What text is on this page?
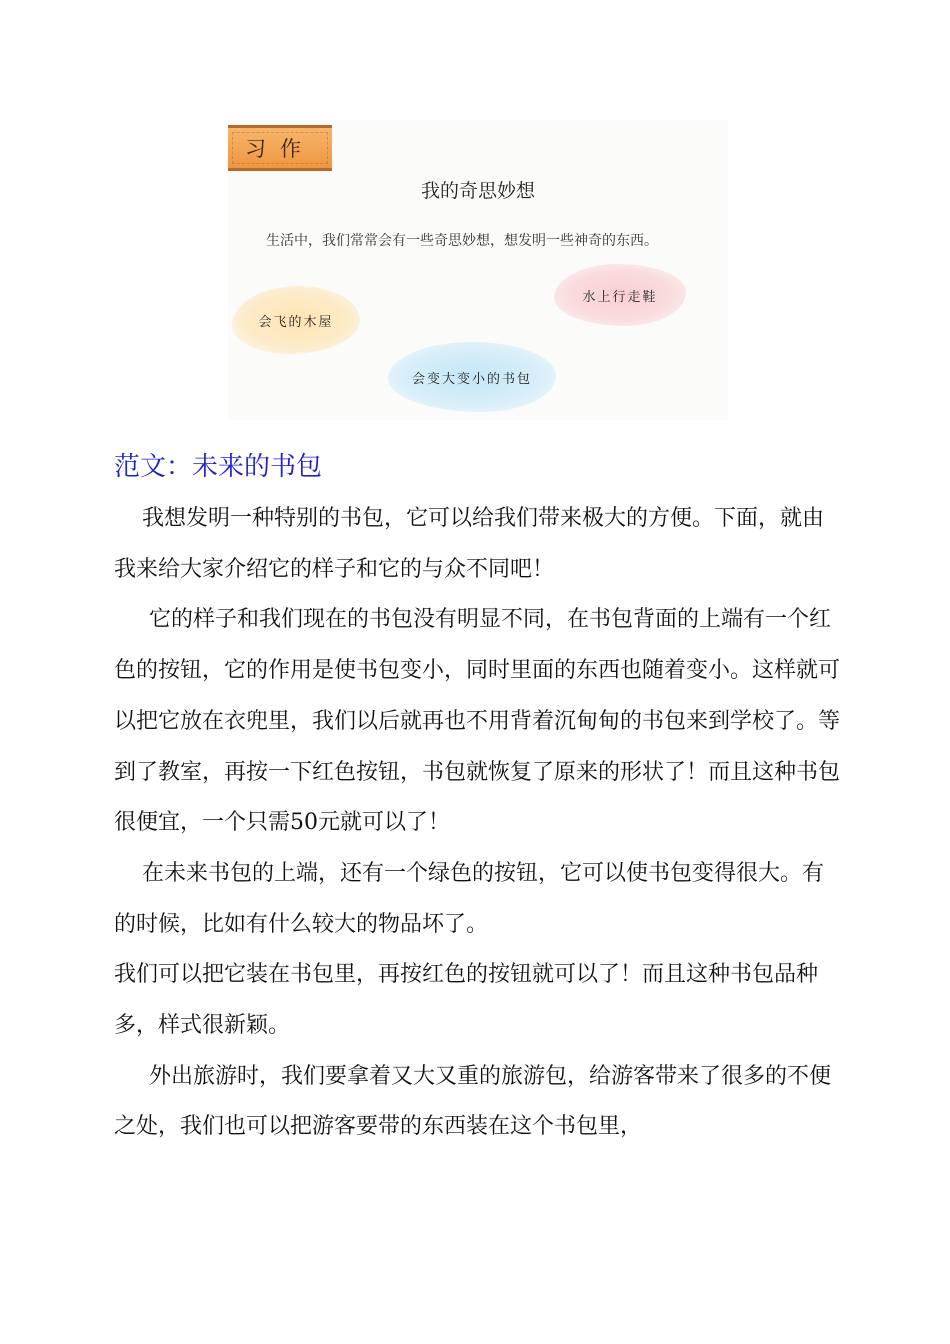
习作
我的奇思妙想
生活中，我们常常会有一些奇思妙想，想发明一些神奇的东西。
会飞的木屋
水上行走鞋
会变大变小的书包
范文：未来的书包

我想发明一种特别的书包，它可以给我们带来极大的方便。下面，就由我来给大家介绍它的样子和它的与众不同吧！

它的样子和我们现在的书包没有明显不同，在书包背面的上端有一个红色的按钮，它的作用是使书包变小，同时里面的东西也随着变小。这样就可以把它放在衣兜里，我们以后就再也不用背着沉甸甸的书包来到学校了。等到了教室，再按一下红色按钮，书包就恢复了原来的形状了！而且这种书包很便宜，一个只需50元就可以了！

在未来书包的上端，还有一个绿色的按钮，它可以使书包变得很大。有的时候，比如有什么较大的物品坏了。

我们可以把它装在书包里，再按红色的按钮就可以了！而且这种书包品种多，样式很新颖。

外出旅游时，我们要拿着又大又重的旅游包，给游客带来了很多的不便之处，我们也可以把游客要带的东西装在这个书包里，
